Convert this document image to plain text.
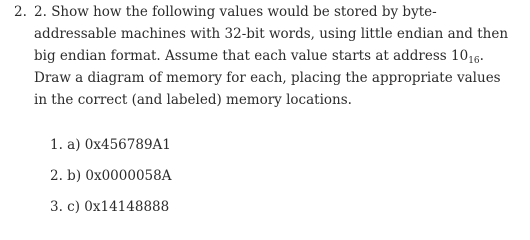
2. 2. Show how the following values would be stored by byte-addressable machines with 32-bit words, using little endian and then big endian format. Assume that each value starts at address $10_{16}$. Draw a diagram of memory for each, placing the appropriate values in the correct (and labeled) memory locations.

1. a) 0x456789A1
2. b) 0x0000058A
3. c) 0x14148888
